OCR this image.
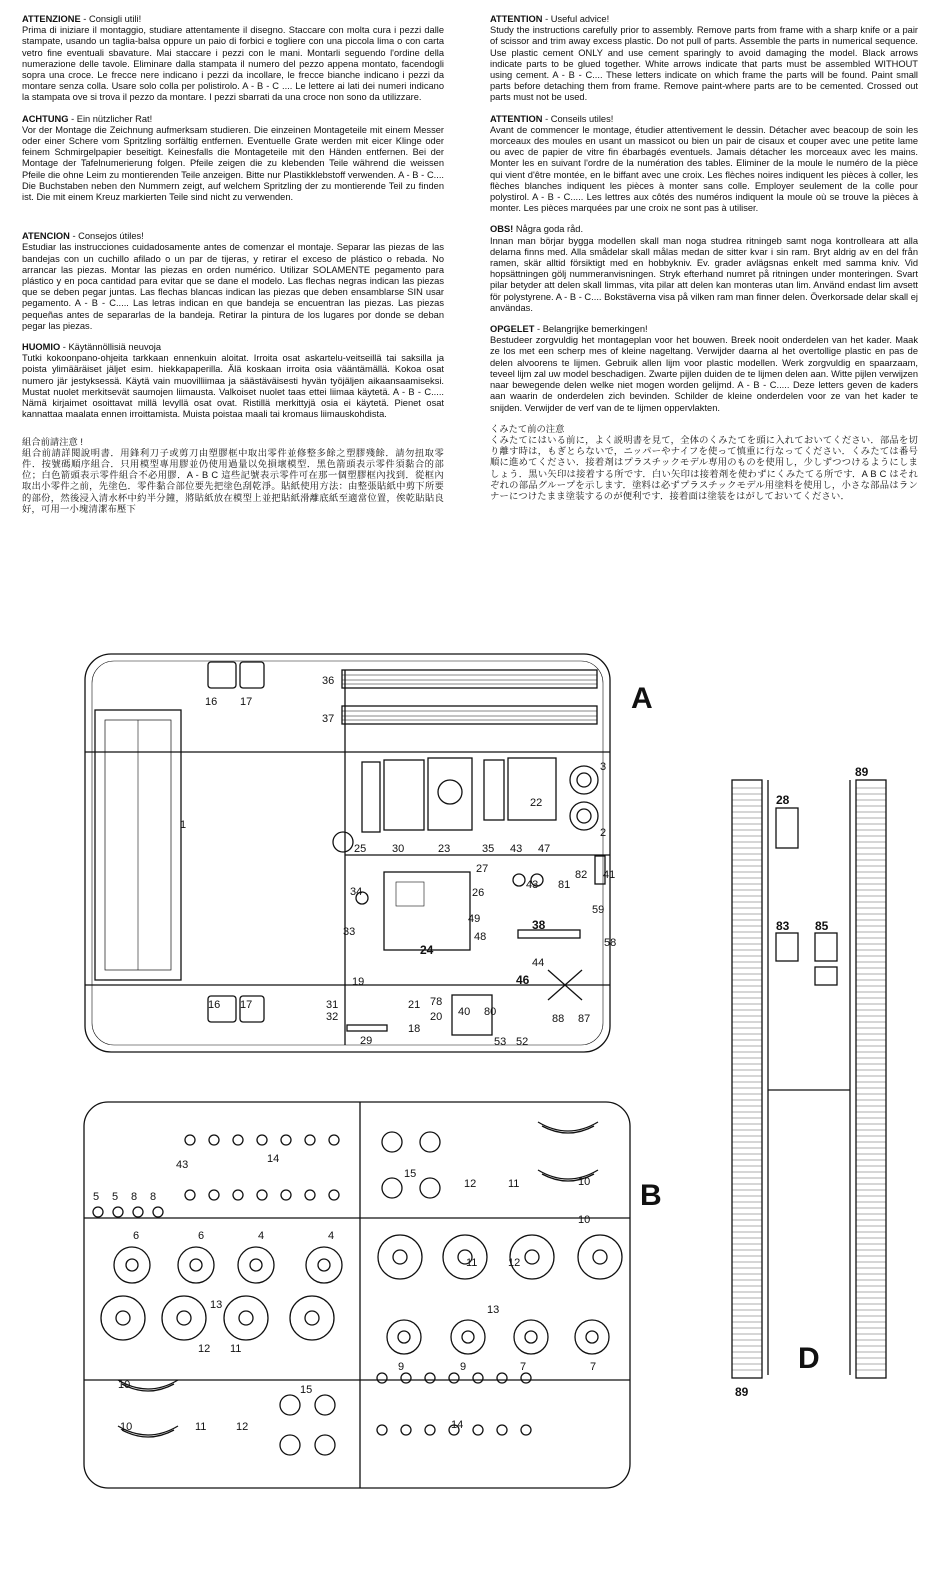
ATTENZIONE - Consigli utili!

Prima di iniziare il montaggio, studiare attentamente il disegno. Staccare con molta cura i pezzi dalle stampate, usando un taglia-balsa oppure un paio di forbici e togliere con una piccola lima o con carta vetro fine eventuali sbavature. Mai staccare i pezzi con le mani. Montarli seguendo l'ordine della numerazione delle tavole. Eliminare dalla stampata il numero del pezzo appena montato, facendogli sopra una croce. Le frecce nere indicano i pezzi da incollare, le frecce bianche indicano i pezzi da montare senza colla. Usare solo colla per polistirolo. A - B - C .... Le lettere ai lati dei numeri indicano la stampata ove si trova il pezzo da montare. I pezzi sbarrati da una croce non sono da utilizzare.

ACHTUNG - Ein nützlicher Rat!

Vor der Montage die Zeichnung aufmerksam studieren. Die einzeinen Montageteile mit einem Messer oder einer Schere vom Spritzling sorfältig entfernen. Eventuelle Grate werden mit eicer Klinge oder feinem Schmirgelpapier beseitigt. Keinesfalls die Montageteile mit den Händen entfernen. Bei der Montage der Tafelnumerierung folgen. Pfeile zeigen die zu klebenden Teile während die weissen Pfeile die ohne Leim zu montierenden Teile anzeigen. Bitte nur Plastikklebstoff verwenden. A - B - C.... Die Buchstaben neben den Nummern zeigt, auf welchem Spritzling der zu montierende Teil zu finden ist. Die mit einem Kreuz markierten Teile sind nicht zu verwenden.

ATENCION - Consejos útiles!

Estudiar las instrucciones cuidadosamente antes de comenzar el montaje. Separar las piezas de las bandejas con un cuchillo afilado o un par de tijeras, y retirar el exceso de plástico o rebada. No arrancar las piezas. Montar las piezas en orden numérico. Utilizar SOLAMENTE pegamento para plástico y en poca cantidad para evitar que se dane el modelo. Las flechas negras indican las piezas que se deben pegar juntas. Las flechas blancas indican las piezas que deben ensamblarse SIN usar pegamento. A - B - C..... Las letras indican en que bandeja se encuentran las piezas. Las piezas pequeñas antes de separarlas de la bandeja. Retirar la pintura de los lugares por donde se deban pegar las piezas.

HUOMIO - Käytännöllisiä neuvoja

Tutki kokoonpano-ohjeita tarkkaan ennenkuin aloitat. Irroita osat askartelu-veitseillä tai saksilla ja poista ylimääräiset jäljet esim. hiekkapaperilla. Älä koskaan irroita osia vääntämällä. Kokoa osat numero jär jestyksessä. Käytä vain muovilliimaa ja säästäväisesti hyvän työjäljen aikaansaamiseksi. Mustat nuolet merkitsevät saumojen liimausta. Valkoiset nuolet taas ettei liimaa käytetä. A - B - C..... Nämä kirjaimet osoittavat millä levyllä osat ovat. Ristillä merkittyjä osia ei käytetä. Pienet osat kannattaa maalata ennen irroittamista. Muista poistaa maali tai kromaus liimauskohdista.

組合前請注意 !

組合前請詳閱說明書．用鋒利刀子或剪刀由塑膠框中取出零件並修整多餘之塑膠殘餘．請勿扭取零件．按號碼順序組合．只用模型專用膠並仍使用過量以免損壞模型．黑色箭頭表示零件須黏合的部位；白色箭頭表示零件組合不必用膠．A - B C 這些記號表示零件可在那一個塑膠框內找到．從框內取出小零件之前，先塗色．零件黏合部位要先把塗色刮乾淨。貼紙使用方法：由整張貼紙中剪下所要的部份，然後浸入清水杯中約半分鐘，將貼紙放在模型上並把貼紙滑離底紙至適當位置，俟乾貼貼良好，可用一小塊清潔布壓下

ATTENTION - Useful advice!

Study the instructions carefully prior to assembly. Remove parts from frame with a sharp knife or a pair of scissor and trim away excess plastic. Do not pull of parts. Assemble the parts in numerical sequence. Use plastic cement ONLY and use cement sparingly to avoid damaging the model. Black arrows indicate parts to be glued together. White arrows indicate that parts must be assembled WITHOUT using cement. A - B - C.... These letters indicate on which frame the parts will be found. Paint small parts before detaching them from frame. Remove paint-where parts are to be cemented. Crossed out parts must not be used.

ATTENTION - Conseils utiles!

Avant de commencer le montage, étudier attentivement le dessin. Détacher avec beacoup de soin les morceaux des moules en usant un massicot ou bien un pair de cisaux et couper avec une petite lame ou avec de papier de vitre fin ébarbagés eventuels. Jamais détacher les morceaux avec les mains. Monter les en suivant l'ordre de la numération des tables. Eliminer de la moule le numéro de la pièce qui vient d'être montée, en le biffant avec une croix. Les flèches noires indiquent les pièces à coller, les flèches blanches indiquent les pièces à monter sans colle. Employer seulement de la colle pour polystirol. A - B - C..... Les lettres aux côtés des numéros indiquent la moule où se trouve la pièces à monter. Les pièces marquées par une croix ne sont pas à utiliser.

OBS! Några goda råd.

Innan man börjar bygga modellen skall man noga studrea ritningeb samt noga kontrolleara att alla delarna finns med. Alla smådelar skall målas medan de sitter kvar i sin ram. Bryt aldrig av en del från ramen, skär alltid försiktigt med en hobbykniv. Ev. grader avlägsnas enkelt med samma kniv. Vid hopsättningen gölj nummeranvisningen. Stryk efterhand numret på ritningen under monteringen. Svart pilar betyder att delen skall limmas, vita pilar att delen kan monteras utan lim. Använd endast lim avsett för polystyrene. A - B - C.... Bokstäverna visa på vilken ram man finner delen. Överkorsade delar skall ej användas.

OPGELET - Belangrijke bemerkingen!

Bestudeer zorgvuldig het montageplan voor het bouwen. Breek nooit onderdelen van het kader. Maak ze los met een scherp mes of kleine nageltang. Verwijder daarna al het overtollige plastic en pas de delen alvoorens te lijmen. Gebruik allen lijm voor plastic modellen. Werk zorgvuldig en spaarzaam, teveel lijm zal uw model beschadigen. Zwarte pijlen duiden de te lijmen delen aan. Witte pijlen verwijzen naar bewegende delen welke niet mogen worden gelijmd. A - B - C..... Deze letters geven de kaders aan waarin de onderdelen zich bevinden. Schilder de kleine onderdelen voor ze van het kader te snijden. Verwijder de verf van de te lijmen oppervlakten.

くみたて前の注意

くみたてにはいる前に，よく説明書を見て，全体のくみたてを頭に入れておいてください．部品を切り離す時は，もぎとらないで，ニッパーやナイフを使って慎重に行なってください．くみたては番号順に進めてください．接着剤はプラスチックモデル専用のものを使用し，少しずつつけるようにしましょう．黒い矢印は接着する所です．白い矢印は接着剤を使わずにくみたてる所です．A B C はそれぞれの部品グループを示します．塗料は必ずプラスチックモデル用塗料を使用し，小さな部品はランナーにつけたまま塗装するのが便利です．接着面は塗装をはがしておいてください．

A
B
D
16 17
36
37
1
3
22
2
25 30	23	35 43 47
27
26
43 81
82 41
34
33
49
48
38
59
58
24
44
46
19
31
32
21 78
40 80
20
18
29	53 52
88 87
16 17
14
12	11	10
5 5 8 8
43
15
10
11	12
6	6	4	4
13	13
9	9	7	7
10
12 11
15
14
10	11	12
89
89
28
83 85
